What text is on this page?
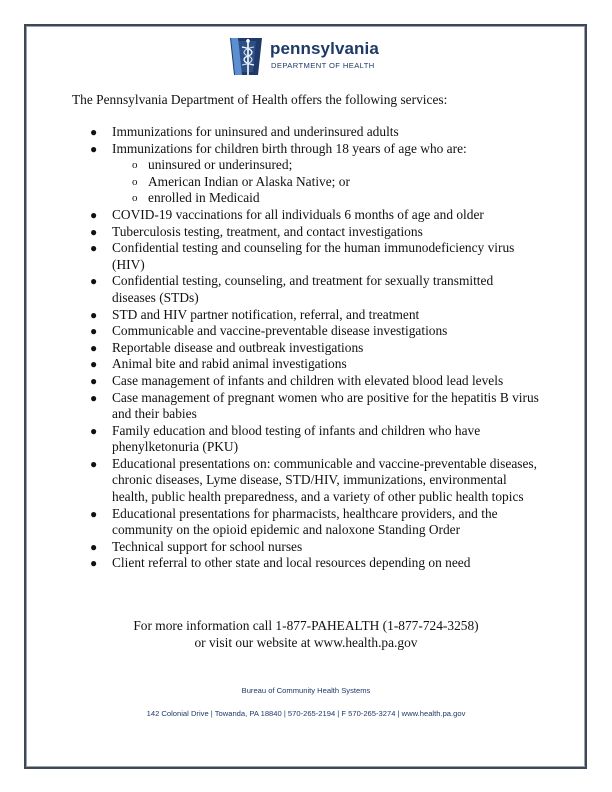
pennsylvania
DEPARTMENT OF HEALTH
The Pennsylvania Department of Health offers the following services:
●	Immunizations for uninsured and underinsured adults
●	Immunizations for children birth through 18 years of age who are:
o uninsured or underinsured;
o American Indian or Alaska Native; or
o enrolled in Medicaid
●	COVID-19 vaccinations for all individuals 6 months of age and older
●	Tuberculosis testing, treatment, and contact investigations
●	Confidential testing and counseling for the human immunodeficiency virus (HIV)
●	Confidential testing, counseling, and treatment for sexually transmitted diseases (STDs)
●	STD and HIV partner notification, referral, and treatment
●	Communicable and vaccine-preventable disease investigations
●	Reportable disease and outbreak investigations
●	Animal bite and rabid animal investigations
●	Case management of infants and children with elevated blood lead levels
●	Case management of pregnant women who are positive for the hepatitis B virus and their babies
●	Family education and blood testing of infants and children who have phenylketonuria (PKU)
●	Educational presentations on: communicable and vaccine-preventable diseases, chronic diseases, Lyme disease, STD/HIV, immunizations, environmental health, public health preparedness, and a variety of other public health topics
●	Educational presentations for pharmacists, healthcare providers, and the community on the opioid epidemic and naloxone Standing Order
●	Technical support for school nurses
●	Client referral to other state and local resources depending on need
For more information call 1-877-PAHEALTH (1-877-724-3258)
or visit our website at www.health.pa.gov
Bureau of Community Health Systems
142 Colonial Drive | Towanda, PA 18840 | 570-265-2194 | F 570-265-3274 | www.health.pa.gov
